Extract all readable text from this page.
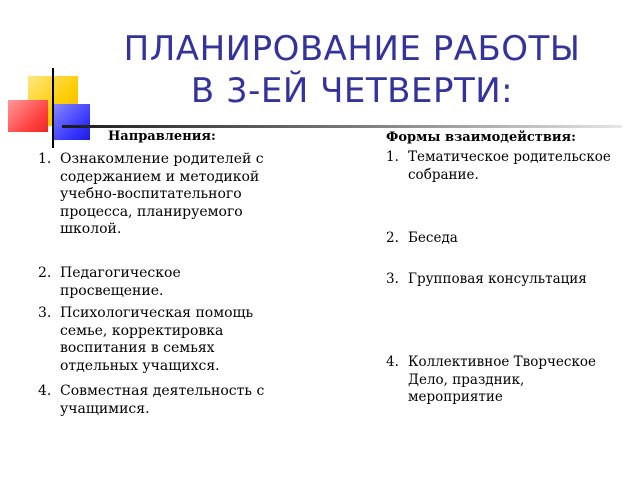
ПЛАНИРОВАНИЕ РАБОТЫ
В 3-ЕЙ ЧЕТВЕРТИ:
Направления:
1. Ознакомление родителей с содержанием и методикой учебно-воспитательного процесса, планируемого школой.
2. Педагогическое просвещение.
3. Психологическая помощь семье, корректировка воспитания в семьях отдельных учащихся.
4. Совместная деятельность с учащимися.
Формы взаимодействия:
1. Тематическое родительское собрание.
2. Беседа
3. Групповая консультация
4. Коллективное Творческое Дело, праздник, мероприятие
